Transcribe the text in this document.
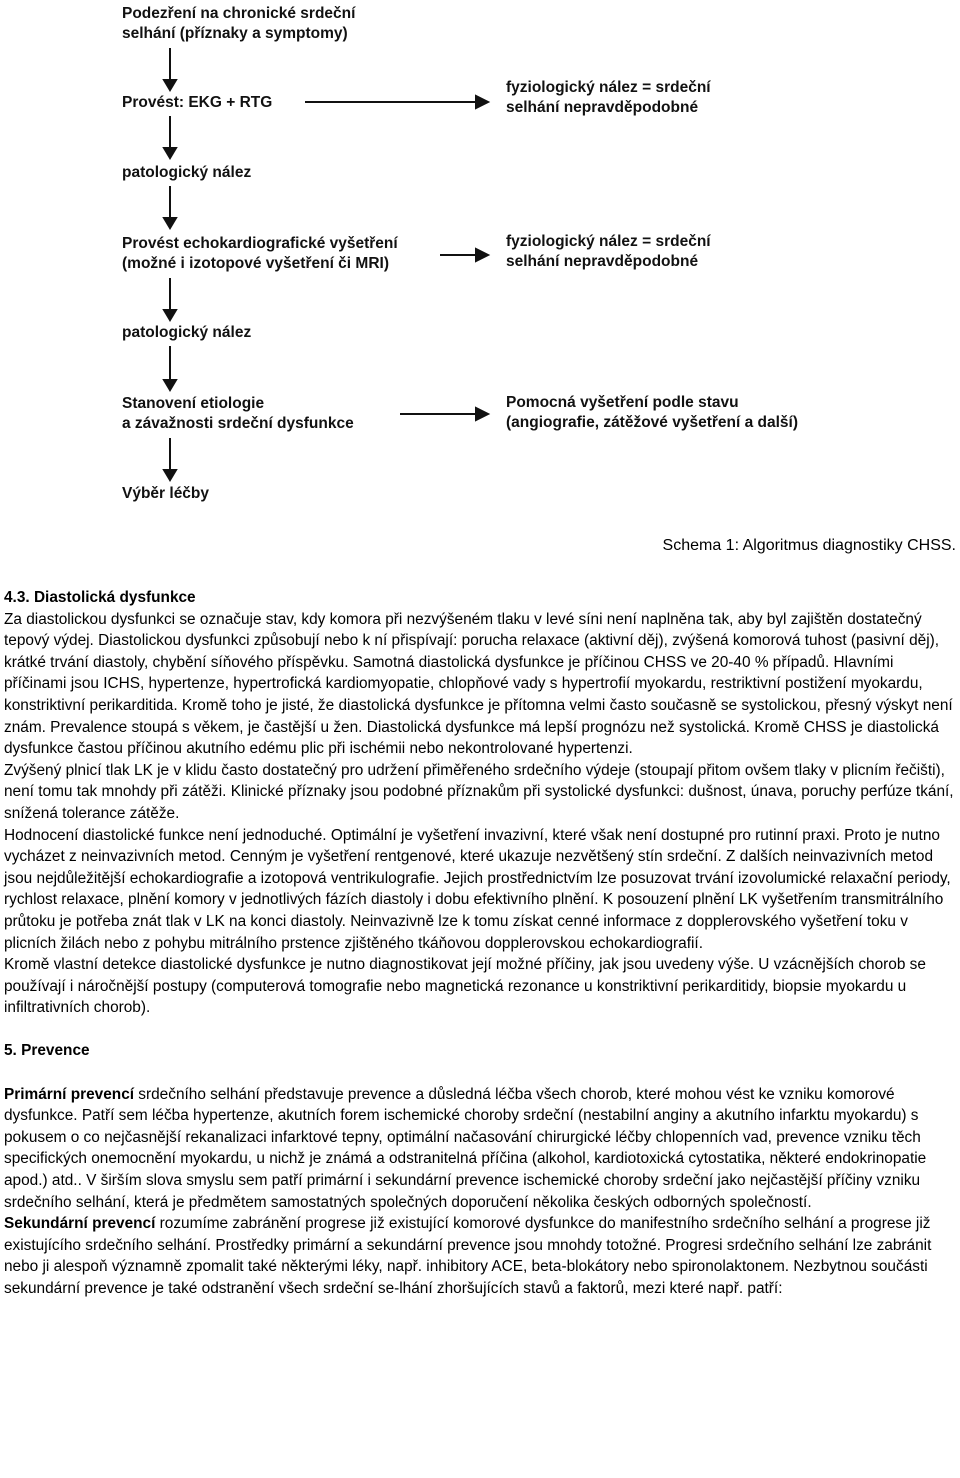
Podezření na chronické srdeční
selhání (příznaky a symptomy)
Provést: EKG + RTG
patologický nález
Provést echokardiografické vyšetření
(možné i izotopové vyšetření či MRI)
patologický nález
Stanovení etiologie
a závažnosti srdeční dysfunkce
Výběr léčby
fyziologický nález = srdeční
selhání nepravděpodobné
fyziologický nález = srdeční
selhání nepravděpodobné
Pomocná vyšetření podle stavu
(angiografie, zátěžové vyšetření a další)
Schema 1: Algoritmus diagnostiky CHSS.

4.3. Diastolická dysfunkce

Za diastolickou dysfunkci se označuje stav, kdy komora při nezvýšeném tlaku v levé síni není naplněna tak, aby byl zajištěn dostatečný tepový výdej. Diastolickou dysfunkci způsobují nebo k ní přispívají: porucha relaxace (aktivní děj), zvýšená komorová tuhost (pasivní děj), krátké trvání diastoly, chybění síňového příspěvku. Samotná diastolická dysfunkce je příčinou CHSS ve 20-40 % případů. Hlavními příčinami jsou ICHS, hypertenze, hypertrofická kardiomyopatie, chlopňové vady s hypertrofií myokardu, restriktivní postižení myokardu, konstriktivní perikarditida. Kromě toho je jisté, že diastolická dysfunkce je přítomna velmi často současně se systolickou, přesný výskyt není znám. Prevalence stoupá s věkem, je častější u žen. Diastolická dysfunkce má lepší prognózu než systolická. Kromě CHSS je diastolická dysfunkce častou příčinou akutního edému plic při ischémii nebo nekontrolované hypertenzi.

Zvýšený plnicí tlak LK je v klidu často dostatečný pro udržení přiměřeného srdečního výdeje (stoupají přitom ovšem tlaky v plicním řečišti), není tomu tak mnohdy při zátěži. Klinické příznaky jsou podobné příznakům při systolické dysfunkci: dušnost, únava, poruchy perfúze tkání, snížená tolerance zátěže.

Hodnocení diastolické funkce není jednoduché. Optimální je vyšetření invazivní, které však není dostupné pro rutinní praxi. Proto je nutno vycházet z neinvazivních metod. Cenným je vyšetření rentgenové, které ukazuje nezvětšený stín srdeční. Z dalších neinvazivních metod jsou nejdůležitější echokardiografie a izotopová ventrikulografie. Jejich prostřednictvím lze posuzovat trvání izovolumické relaxační periody, rychlost relaxace, plnění komory v jednotlivých fázích diastoly i dobu efektivního plnění. K posouzení plnění LK vyšetřením transmitrálního průtoku je potřeba znát tlak v LK na konci diastoly. Neinvazivně lze k tomu získat cenné informace z dopplerovského vyšetření toku v plicních žilách nebo z pohybu mitrálního prstence zjištěného tkáňovou dopplerovskou echokardiografií.

Kromě vlastní detekce diastolické dysfunkce je nutno diagnostikovat její možné příčiny, jak jsou uvedeny výše. U vzácnějších chorob se používají i náročnější postupy (computerová tomografie nebo magnetická rezonance u konstriktivní perikarditidy, biopsie myokardu u infiltrativních chorob).

5. Prevence

Primární prevencí srdečního selhání představuje prevence a důsledná léčba všech chorob, které mohou vést ke vzniku komorové dysfunkce. Patří sem léčba hypertenze, akutních forem ischemické choroby srdeční (nestabilní anginy a akutního infarktu myokardu) s pokusem o co nejčasnější rekanalizaci infarktové tepny, optimální načasování chirurgické léčby chlopenních vad, prevence vzniku těch specifických onemocnění myokardu, u nichž je známá a odstranitelná příčina (alkohol, kardiotoxická cytostatika, některé endokrinopatie apod.) atd.. V širším slova smyslu sem patří primární i sekundární prevence ischemické choroby srdeční jako nejčastější příčiny vzniku srdečního selhání, která je předmětem samostatných společných doporučení několika českých odborných společností.

Sekundární prevencí rozumíme zabránění progrese již existující komorové dysfunkce do manifestního srdečního selhání a progrese již existujícího srdečního selhání. Prostředky primární a sekundární prevence jsou mnohdy totožné. Progresi srdečního selhání lze zabránit nebo ji alespoň významně zpomalit také některými léky, např. inhibitory ACE, beta-blokátory nebo spironolaktonem. Nezbytnou součásti sekundární prevence je také odstranění všech srdeční se-lhání zhoršujících stavů a faktorů, mezi které např. patří:
